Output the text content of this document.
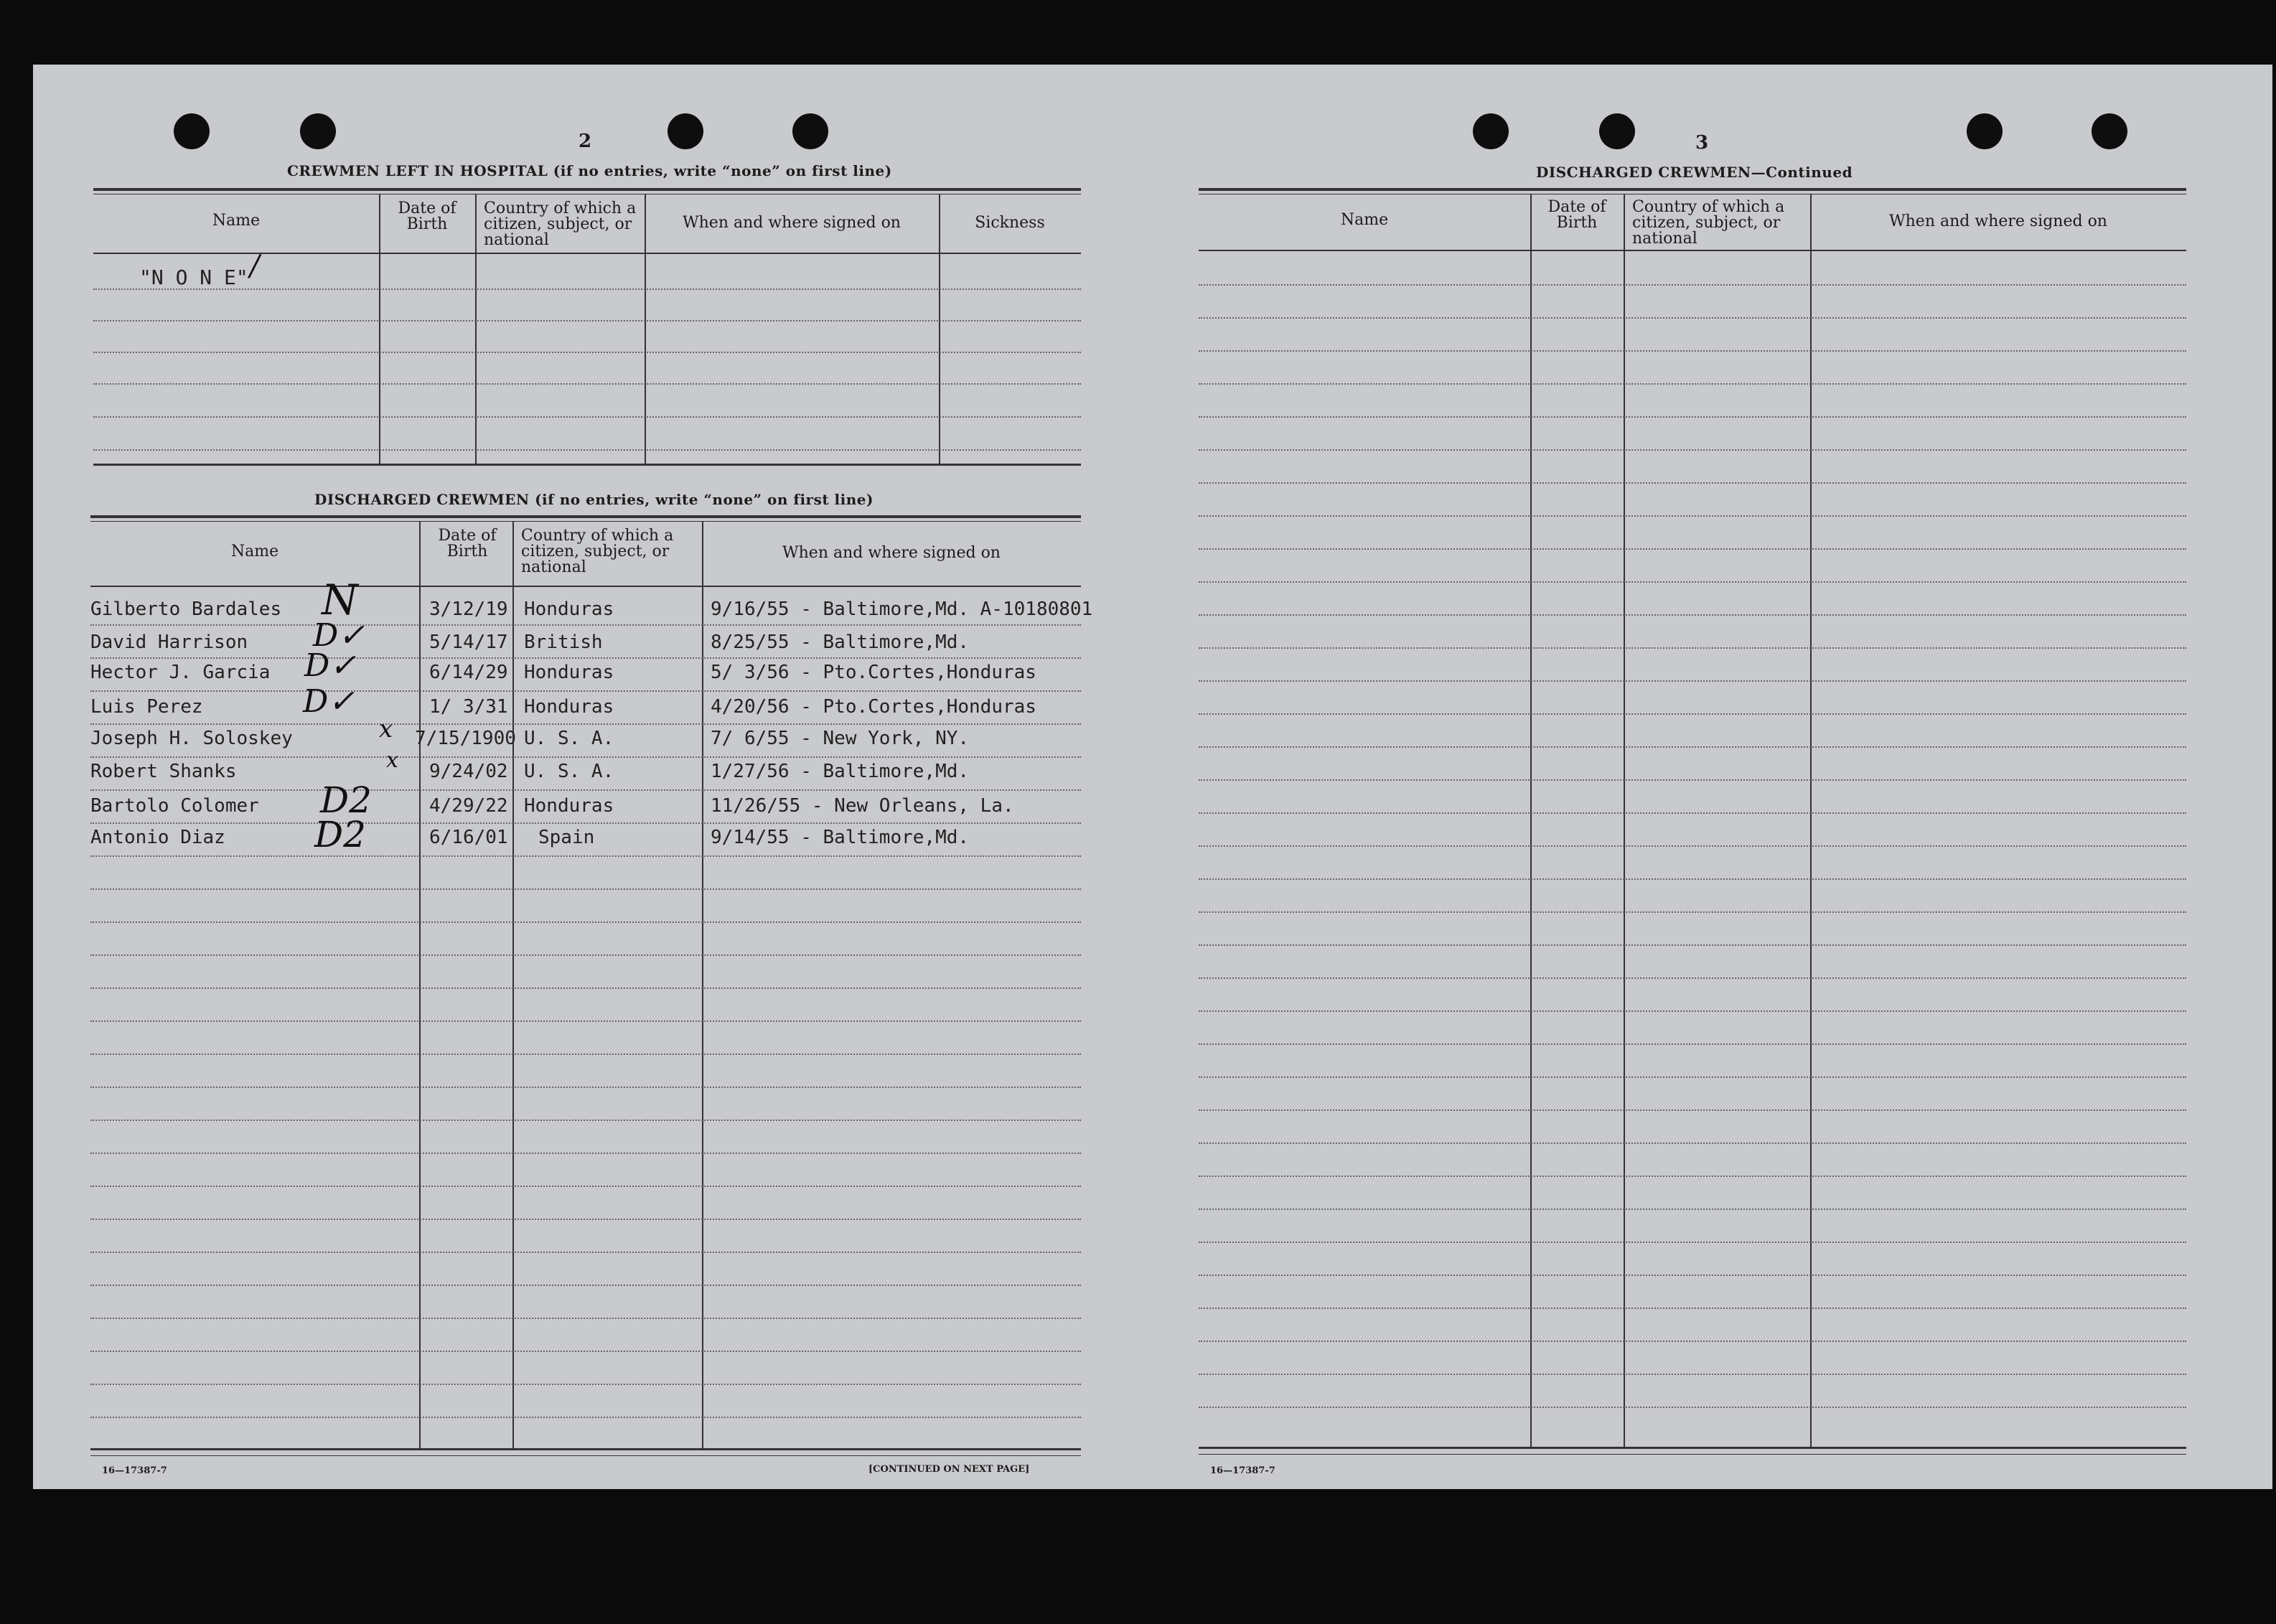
2
CREWMEN LEFT IN HOSPITAL (if no entries, write “none” on first line)
Name
Date of Birth
Country of which a citizen, subject, or national
When and where signed on	Sickness
"N O N E" /
DISCHARGED CREWMEN (if no entries, write “none” on first line)
Name
Date of Birth
Country of which a citizen, subject, or national
When and where signed on
Gilberto Bardales N	3/12/19 Honduras	9/16/55 - Baltimore,Md. A-10180801
David Harrison D✓	5/14/17 British	8/25/55 - Baltimore,Md.
Hector J. Garcia D✓	6/14/29 Honduras	5/ 3/56 - Pto.Cortes,Honduras
Luis Perez	D✓	1/ 3/31 Honduras	4/20/56 - Pto.Cortes,Honduras
Joseph H. Soloskey	x 7/15/1900 U. S. A.	7/ 6/55 - New York, NY.
Robert Shanks	x 9/24/02 U. S. A.	1/27/56 - Baltimore,Md.
Bartolo Colomer D2	4/29/22 Honduras	11/26/55 - New Orleans, La.
Antonio Diaz D2	6/16/01 Spain	9/14/55 - Baltimore,Md.
16—17387-7	[CONTINUED ON NEXT PAGE]
3
DISCHARGED CREWMEN—Continued
Name
Date of Birth
Country of which a citizen, subject, or national
When and where signed on
16—17387-7
